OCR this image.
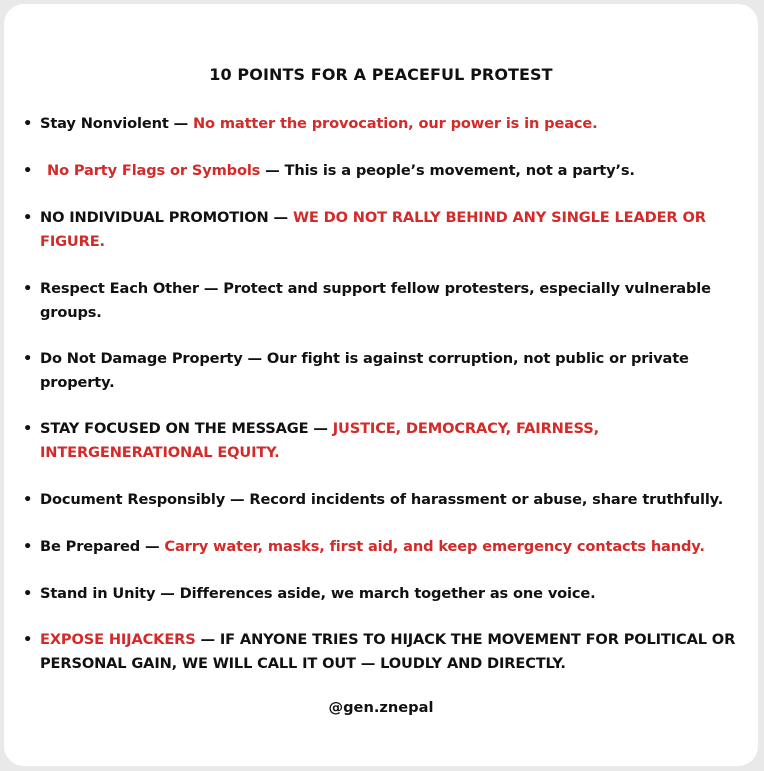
10 POINTS FOR A PEACEFUL PROTEST
• Stay Nonviolent — No matter the provocation, our power is in peace.
• No Party Flags or Symbols — This is a people’s movement, not a party’s.
• NO INDIVIDUAL PROMOTION — WE DO NOT RALLY BEHIND ANY SINGLE LEADER OR FIGURE.
• Respect Each Other — Protect and support fellow protesters, especially vulnerable groups.
• Do Not Damage Property — Our fight is against corruption, not public or private property.
• STAY FOCUSED ON THE MESSAGE — JUSTICE, DEMOCRACY, FAIRNESS, INTERGENERATIONAL EQUITY.
• Document Responsibly — Record incidents of harassment or abuse, share truthfully.
• Be Prepared — Carry water, masks, first aid, and keep emergency contacts handy.
• Stand in Unity — Differences aside, we march together as one voice.
• EXPOSE HIJACKERS — IF ANYONE TRIES TO HIJACK THE MOVEMENT FOR POLITICAL OR PERSONAL GAIN, WE WILL CALL IT OUT — LOUDLY AND DIRECTLY.
@gen.znepal
